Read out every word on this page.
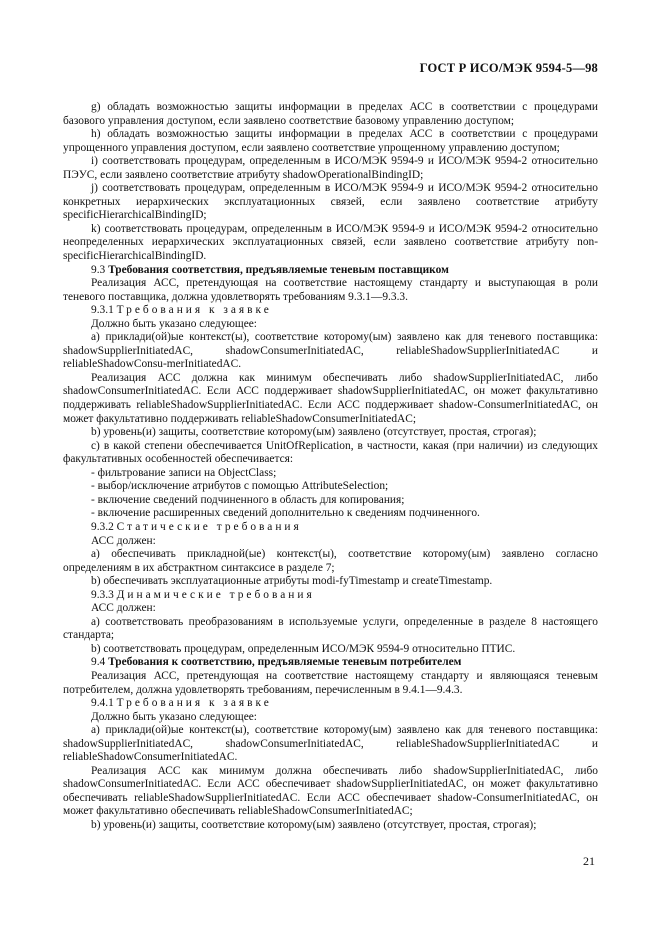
ГОСТ Р ИСО/МЭК 9594-5—98

g) обладать возможностью защиты информации в пределах АСС в соответствии с процедурами базового управления доступом, если заявлено соответствие базовому управлению доступом;

h) обладать возможностью защиты информации в пределах АСС в соответствии с процедурами упрощенного управления доступом, если заявлено соответствие упрощенному управлению доступом;

i) соответствовать процедурам, определенным в ИСО/МЭК 9594-9 и ИСО/МЭК 9594-2 относительно ПЭУС, если заявлено соответствие атрибуту shadowOperationalBindingID;

j) соответствовать процедурам, определенным в ИСО/МЭК 9594-9 и ИСО/МЭК 9594-2 относительно конкретных иерархических эксплуатационных связей, если заявлено соответствие атрибуту specificHierarchicalBindingID;

k) соответствовать процедурам, определенным в ИСО/МЭК 9594-9 и ИСО/МЭК 9594-2 относительно неопределенных иерархических эксплуатационных связей, если заявлено соответствие атрибуту non-specificHierarchicalBindingID.

9.3 Требования соответствия, предъявляемые теневым поставщиком

Реализация АСС, претендующая на соответствие настоящему стандарту и выступающая в роли теневого поставщика, должна удовлетворять требованиям 9.3.1—9.3.3.

9.3.1 Требования к заявке

Должно быть указано следующее:

а) приклади(ой)ые контекст(ы), соответствие которому(ым) заявлено как для теневого поставщика: shadowSupplierInitiatedAC, shadowConsumerInitiatedAC, reliableShadowSupplierInitiatedAC и reliableShadowConsu-merInitiatedAC.

Реализация АСС должна как минимум обеспечивать либо shadowSupplierInitiatedAC, либо shadowConsumerInitiatedAC. Если АСС поддерживает shadowSupplierInitiatedAC, он может факультативно поддерживать reliableShadowSupplierInitiatedAC. Если АСС поддерживает shadow-ConsumerInitiatedAC, он может факультативно поддерживать reliableShadowConsumerInitiatedAC;

b) уровень(и) защиты, соответствие которому(ым) заявлено (отсутствует, простая, строгая);

с) в какой степени обеспечивается UnitOfReplication, в частности, какая (при наличии) из следующих факультативных особенностей обеспечивается:

- фильтрование записи на ObjectClass;

- выбор/исключение атрибутов с помощью AttributeSelection;

- включение сведений подчиненного в область для копирования;

- включение расширенных сведений дополнительно к сведениям подчиненного.

9.3.2 Статические требования

АСС должен:

а) обеспечивать прикладной(ые) контекст(ы), соответствие которому(ым) заявлено согласно определениям в их абстрактном синтаксисе в разделе 7;

b) обеспечивать эксплуатационные атрибуты modi-fyTimestamp и createTimestamp.

9.3.3 Динамические требования

АСС должен:

а) соответствовать преобразованиям в используемые услуги, определенные в разделе 8 настоящего стандарта;

b) соответствовать процедурам, определенным ИСО/МЭК 9594-9 относительно ПТИС.

9.4 Требования к соответствию, предъявляемые теневым потребителем

Реализация АСС, претендующая на соответствие настоящему стандарту и являющаяся теневым потребителем, должна удовлетворять требованиям, перечисленным в 9.4.1—9.4.3.

9.4.1 Требования к заявке

Должно быть указано следующее:

а) приклади(ой)ые контекст(ы), соответствие которому(ым) заявлено как для теневого поставщика: shadowSupplierInitiatedAC, shadowConsumerInitiatedAC, reliableShadowSupplierInitiatedAC и reliableShadowConsumerInitiatedAC.

Реализация АСС как минимум должна обеспечивать либо shadowSupplierInitiatedAC, либо shadowConsumerInitiatedAC. Если АСС обеспечивает shadowSupplierInitiatedAC, он может факультативно обеспечивать reliableShadowSupplierInitiatedAC. Если АСС обеспечивает shadow-ConsumerInitiatedAC, он может факультативно обеспечивать reliableShadowConsumerInitiatedAC;

b) уровень(и) защиты, соответствие которому(ым) заявлено (отсутствует, простая, строгая);

21
